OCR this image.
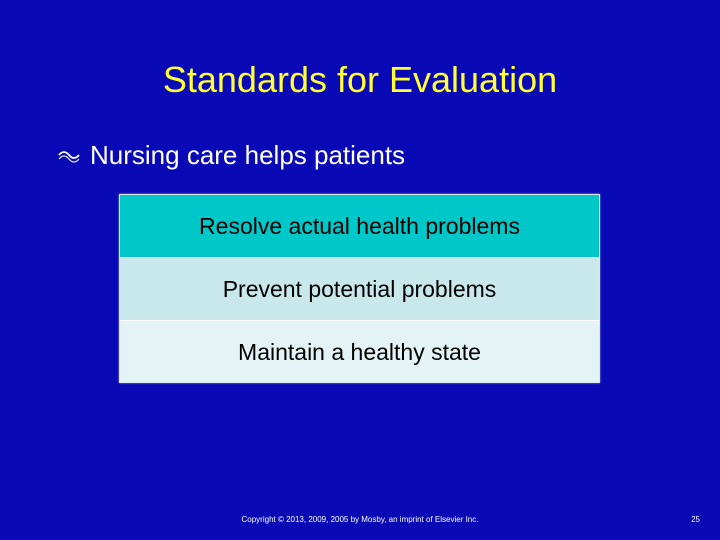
Standards for Evaluation
Nursing care helps patients
Resolve actual health problems
Prevent potential problems
Maintain a healthy state
Copyright © 2013, 2009, 2005 by Mosby, an imprint of Elsevier Inc.	25
